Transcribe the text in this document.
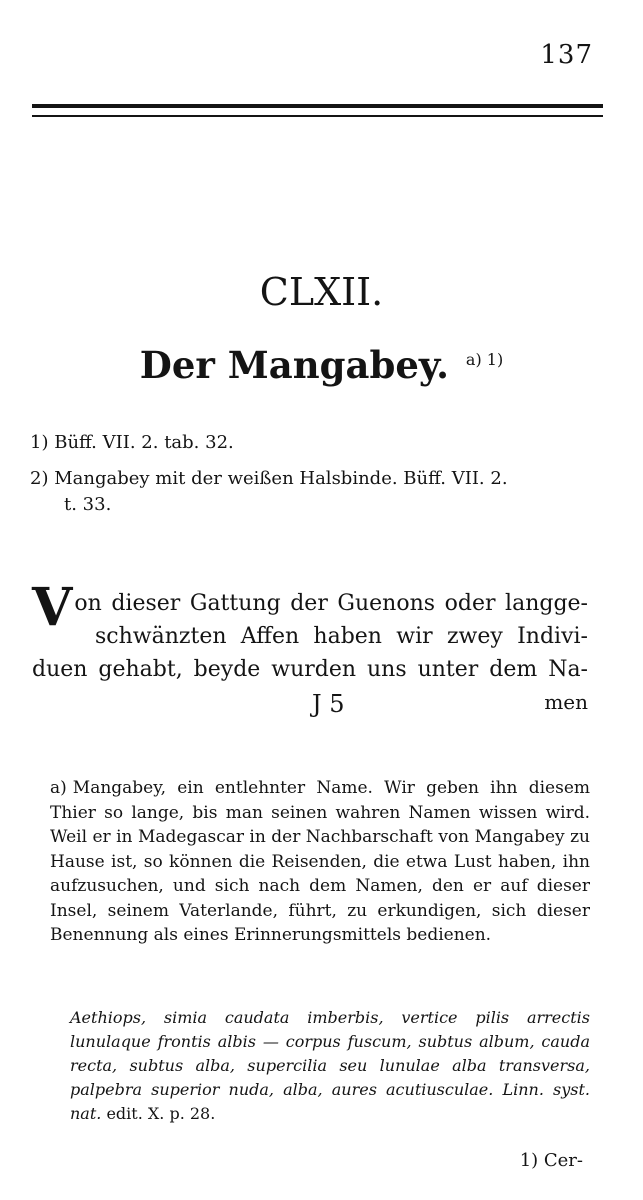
137
CLXII.
Der Mangabey. $^{a) 1)}$
1) Büff. VII. 2. tab. 32.
2) Mangabey mit der weißen Halsbinde. Büff. VII. 2.
t. 33.
V on dieser Gattung der Guenons oder langge-
schwänzten Affen haben wir zwey Indivi-
duen gehabt, beyde wurden uns unter dem Na-
J 5	men
a) Mangabey, ein entlehnter Name. Wir geben ihn diesem Thier so lange, bis man seinen wahren Namen wissen wird. Weil er in Madegascar in der Nachbarschaft von Mangabey zu Hause ist, so können die Reisenden, die etwa Lust haben, ihn aufzusuchen, und sich nach dem Namen, den er auf dieser Insel, seinem Vaterlande, führt, zu erkundigen, sich dieser Benennung als eines Erinnerungsmittels bedienen.
Aethiops, simia caudata imberbis, vertice pilis arrectis lunulaque frontis albis — corpus fuscum, subtus album, cauda recta, subtus alba, supercilia seu lunulae alba transversa, palpebra superior nuda, alba, aures acutiusculae. Linn. syst. nat. edit. X. p. 28.
1) Cer-
